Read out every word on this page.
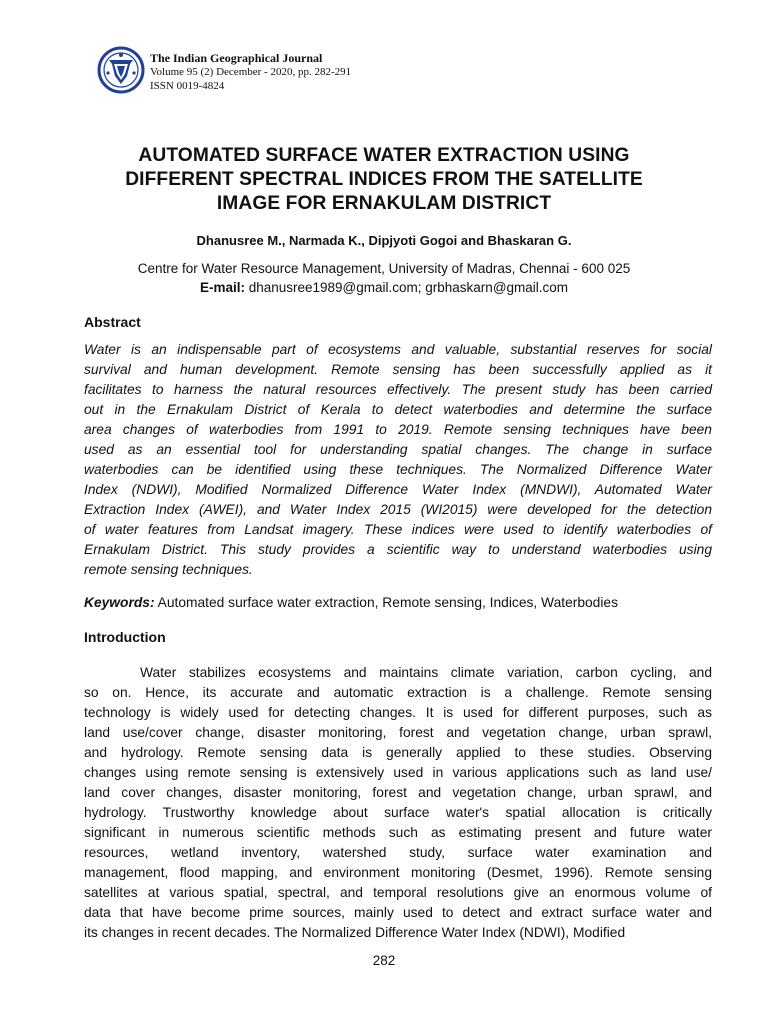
The Indian Geographical Journal
Volume 95 (2) December - 2020, pp. 282-291
ISSN 0019-4824
AUTOMATED SURFACE WATER EXTRACTION USING
DIFFERENT SPECTRAL INDICES FROM THE SATELLITE
IMAGE FOR ERNAKULAM DISTRICT
Dhanusree M., Narmada K., Dipjyoti Gogoi and Bhaskaran G.
Centre for Water Resource Management, University of Madras, Chennai - 600 025
E-mail: dhanusree1989@gmail.com; grbhaskarn@gmail.com
Abstract
Water is an indispensable part of ecosystems and valuable, substantial reserves for social
survival and human development. Remote sensing has been successfully applied as it
facilitates to harness the natural resources effectively. The present study has been carried
out in the Ernakulam District of Kerala to detect waterbodies and determine the surface
area changes of waterbodies from 1991 to 2019. Remote sensing techniques have been
used as an essential tool for understanding spatial changes. The change in surface
waterbodies can be identified using these techniques. The Normalized Difference Water
Index (NDWI), Modified Normalized Difference Water Index (MNDWI), Automated Water
Extraction Index (AWEI), and Water Index 2015 (WI2015) were developed for the detection
of water features from Landsat imagery. These indices were used to identify waterbodies of
Ernakulam District. This study provides a scientific way to understand waterbodies using
remote sensing techniques.
Keywords: Automated surface water extraction, Remote sensing, Indices, Waterbodies
Introduction
Water stabilizes ecosystems and maintains climate variation, carbon cycling, and
so on. Hence, its accurate and automatic extraction is a challenge. Remote sensing
technology is widely used for detecting changes. It is used for different purposes, such as
land use/cover change, disaster monitoring, forest and vegetation change, urban sprawl,
and hydrology. Remote sensing data is generally applied to these studies. Observing
changes using remote sensing is extensively used in various applications such as land use/
land cover changes, disaster monitoring, forest and vegetation change, urban sprawl, and
hydrology. Trustworthy knowledge about surface water's spatial allocation is critically
significant in numerous scientific methods such as estimating present and future water
resources, wetland inventory, watershed study, surface water examination and
management, flood mapping, and environment monitoring (Desmet, 1996). Remote sensing
satellites at various spatial, spectral, and temporal resolutions give an enormous volume of
data that have become prime sources, mainly used to detect and extract surface water and
its changes in recent decades. The Normalized Difference Water Index (NDWI), Modified
282
